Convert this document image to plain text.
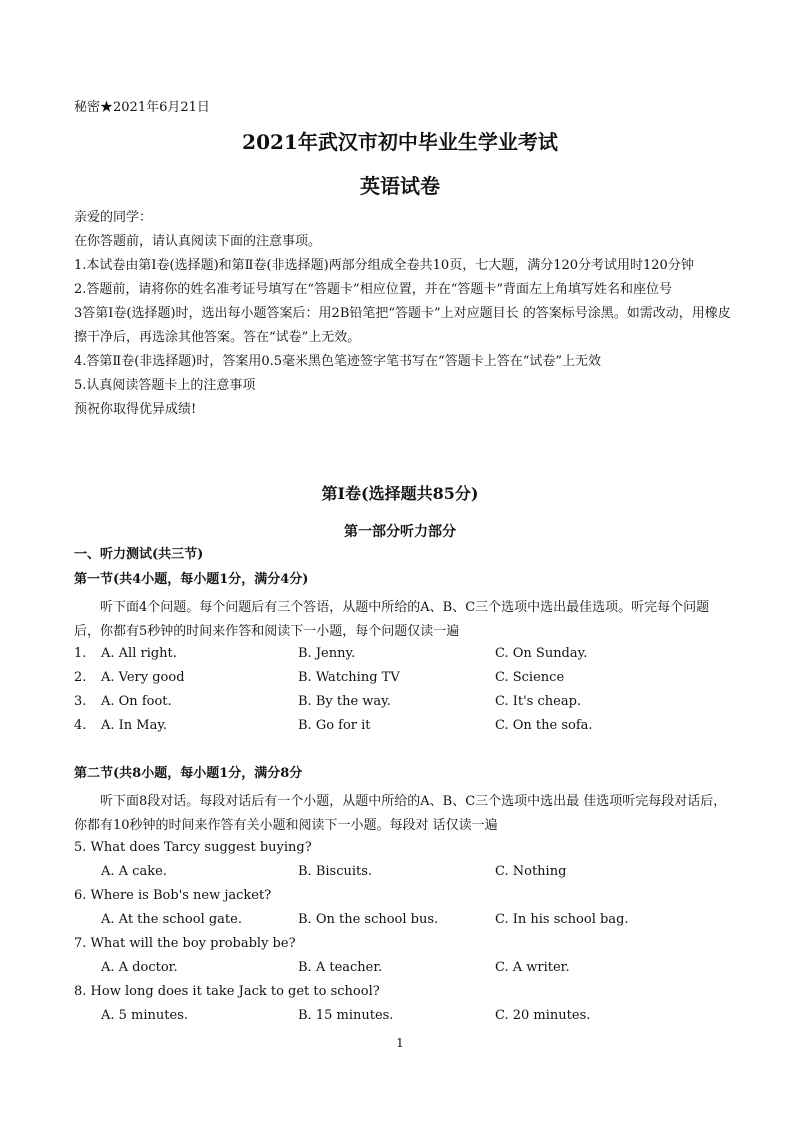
秘密★2021年6月21日
2021年武汉市初中毕业生学业考试
英语试卷

亲爱的同学：

在你答题前，请认真阅读下面的注意事项。

1.本试卷由第Ⅰ卷(选择题)和第Ⅱ卷(非选择题)两部分组成全卷共10页，七大题，满分120分考试用时120分钟

2.答题前，请将你的姓名准考证号填写在“答题卡”相应位置，并在“答题卡”背面左上角填写姓名和座位号

3答第Ⅰ卷(选择题)时，选出每小题答案后：用2B铅笔把“答题卡”上对应题目长 的答案标号涂黑。如需改动，用橡皮擦干净后，再选涂其他答案。答在“试卷”上无效。

4.答第Ⅱ卷(非选择题)时，答案用0.5毫米黑色笔迹签字笔书写在“答题卡上答在“试卷”上无效

5.认真阅读答题卡上的注意事项

预祝你取得优异成绩!

第Ⅰ卷(选择题共85分)
第一部分听力部分
一、听力测试(共三节)
第一节(共4小题，每小题1分，满分4分)

听下面4个问题。每个问题后有三个答语，从题中所给的A、B、C三个选项中选出最佳选项。听完每个问题后，你都有5秒钟的时间来作答和阅读下一小题，每个问题仅读一遍

1. A. All right.	B. Jenny.	C. On Sunday.
2. A. Very good	B. Watching TV	C. Science
3. A. On foot.	B. By the way.	C. It's cheap.
4. A. In May.	B. Go for it	C. On the sofa.
第二节(共8小题，每小题1分，满分8分

听下面8段对话。每段对话后有一个小题，从题中所给的A、B、C三个选项中选出最 佳选项听完每段对话后，你都有10秒钟的时间来作答有关小题和阅读下一小题。每段对 话仅读一遍

5. What does Tarcy suggest buying?
A. A cake.	B. Biscuits.	C. Nothing
6. Where is Bob's new jacket?
A. At the school gate.	B. On the school bus.	C. In his school bag.
7. What will the boy probably be?
A. A doctor.	B. A teacher.	C. A writer.
8. How long does it take Jack to get to school?
A. 5 minutes.	B. 15 minutes.	C. 20 minutes.
1
